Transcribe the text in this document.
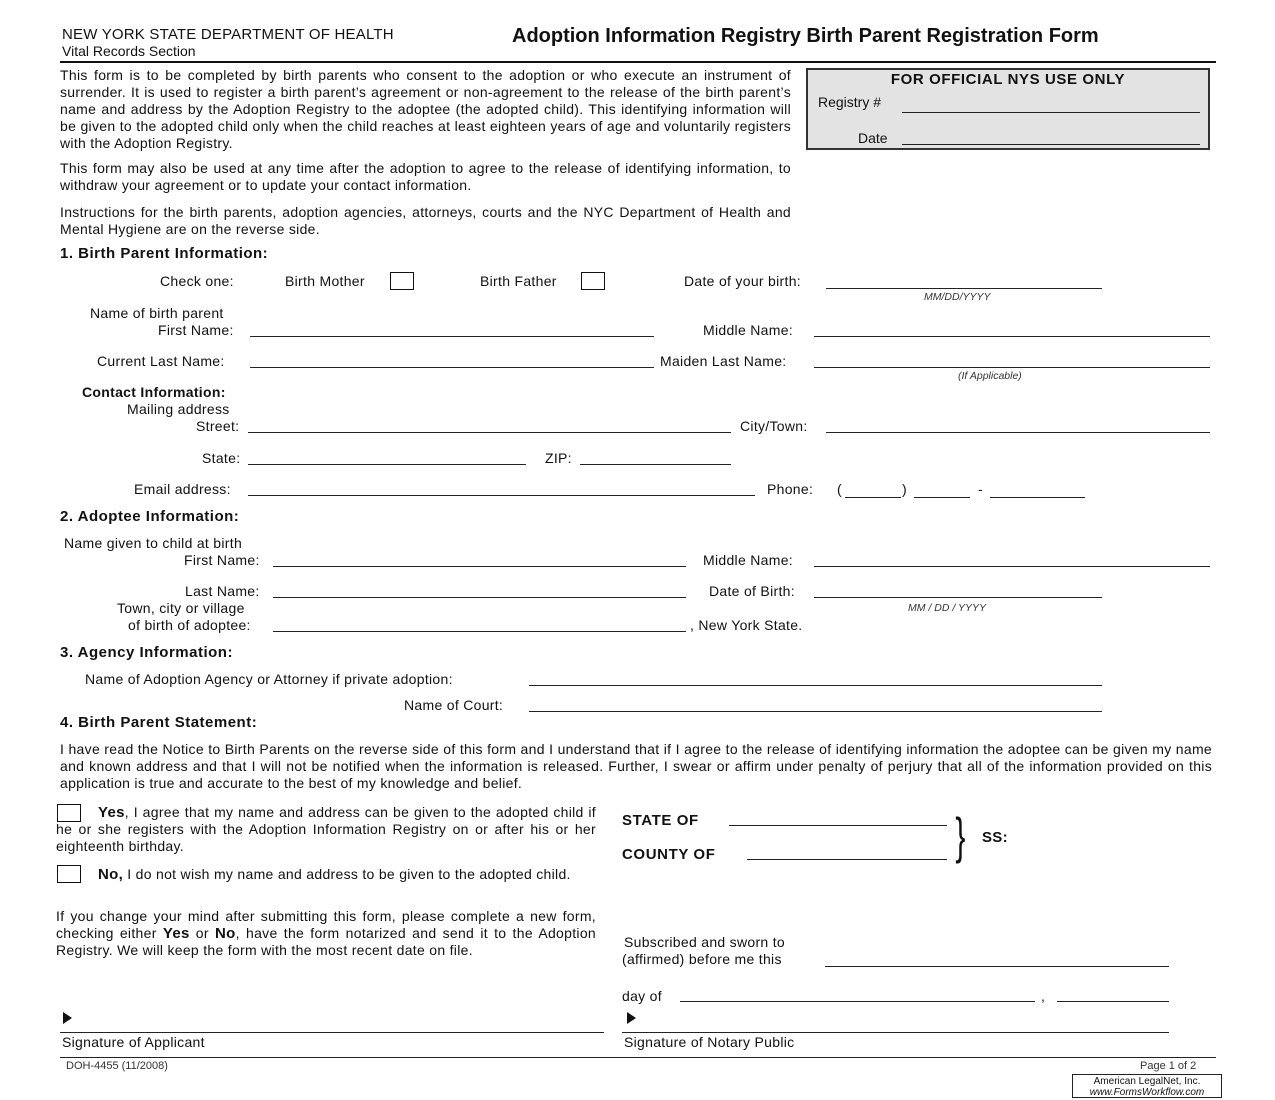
NEW YORK STATE DEPARTMENT OF HEALTH
Vital Records Section
Adoption Information Registry Birth Parent Registration Form
This form is to be completed by birth parents who consent to the adoption or who execute an instrument of surrender. It is used to register a birth parent’s agreement or non-agreement to the release of the birth parent’s name and address by the Adoption Registry to the adoptee (the adopted child). This identifying information will be given to the adopted child only when the child reaches at least eighteen years of age and voluntarily registers with the Adoption Registry.
This form may also be used at any time after the adoption to agree to the release of identifying information, to withdraw your agreement or to update your contact information.
Instructions for the birth parents, adoption agencies, attorneys, courts and the NYC Department of Health and Mental Hygiene are on the reverse side.
FOR OFFICIAL NYS USE ONLY
Registry #
Date
1. Birth Parent Information:
Check one:	Birth Mother	Birth Father	Date of your birth:
MM/DD/YYYY
Name of birth parent
First Name:	Middle Name:
Current Last Name:	Maiden Last Name:
(If Applicable)
Contact Information:
Mailing address
Street:	City/Town:
State:	ZIP:
Email address:	Phone: (	)	-
2. Adoptee Information:
Name given to child at birth
First Name:	Middle Name:
Last Name:	Date of Birth:
MM / DD / YYYY
Town, city or village
of birth of adoptee:	, New York State.
3. Agency Information:
Name of Adoption Agency or Attorney if private adoption:
Name of Court:
4. Birth Parent Statement:
I have read the Notice to Birth Parents on the reverse side of this form and I understand that if I agree to the release of identifying information the adoptee can be given my name and known address and that I will not be notified when the information is released. Further, I swear or affirm under penalty of perjury that all of the information provided on this application is true and accurate to the best of my knowledge and belief.
Yes, I agree that my name and address can be given to the adopted child if he or she registers with the Adoption Information Registry on or after his or her eighteenth birthday.
No, I do not wish my name and address to be given to the adopted child.
If you change your mind after submitting this form, please complete a new form, checking either Yes or No, have the form notarized and send it to the Adoption Registry. We will keep the form with the most recent date on file.
STATE OF
COUNTY OF	} SS:
Subscribed and sworn to
(affirmed) before me this
day of	,
Signature of Applicant	Signature of Notary Public
DOH-4455 (11/2008)	Page 1 of 2
American LegalNet, Inc.
www.FormsWorkflow.com
